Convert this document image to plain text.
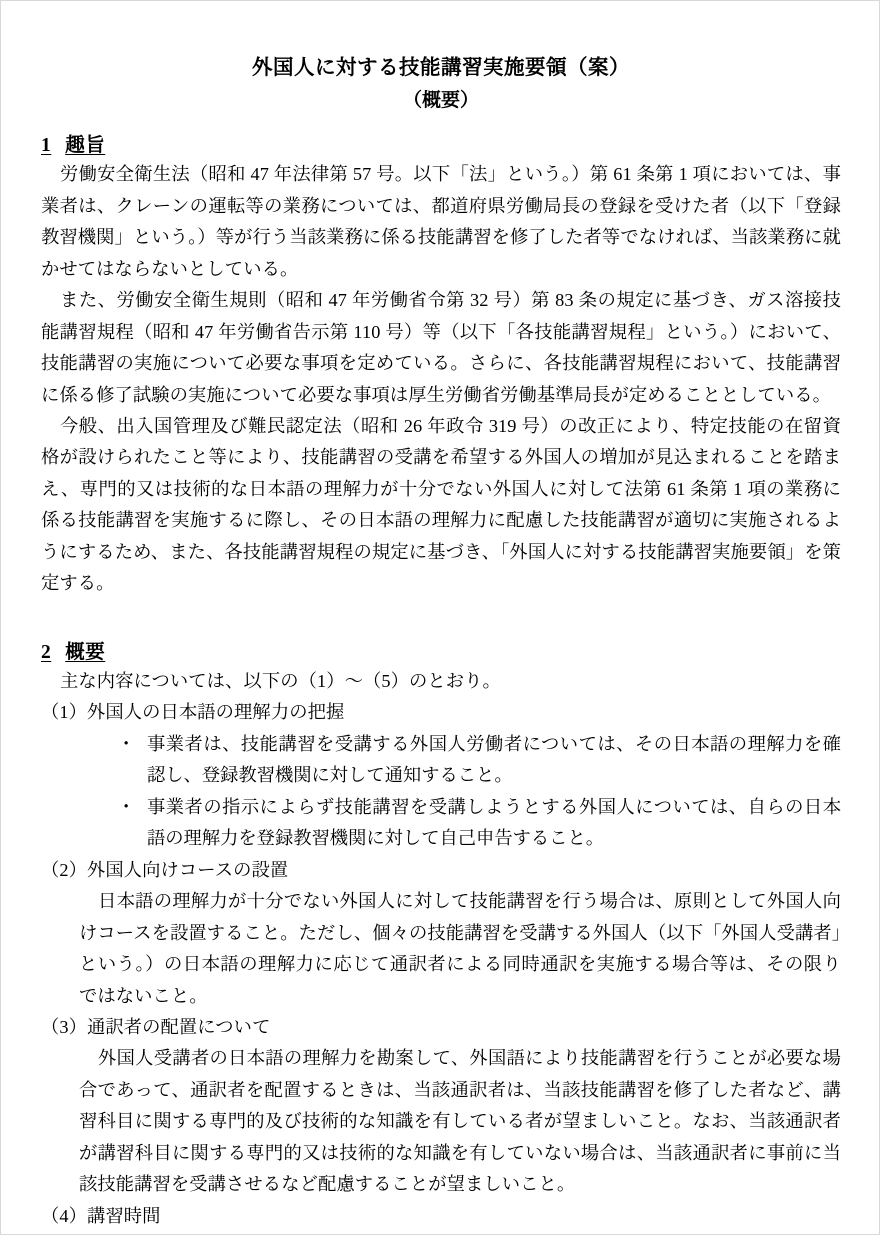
外国人に対する技能講習実施要領（案）
（概要）
1 趣旨

労働安全衛生法（昭和 47 年法律第 57 号。以下「法」という。）第 61 条第 1 項においては、事業者は、クレーンの運転等の業務については、都道府県労働局長の登録を受けた者（以下「登録教習機関」という。）等が行う当該業務に係る技能講習を修了した者等でなければ、当該業務に就かせてはならないとしている。

また、労働安全衛生規則（昭和 47 年労働省令第 32 号）第 83 条の規定に基づき、ガス溶接技能講習規程（昭和 47 年労働省告示第 110 号）等（以下「各技能講習規程」という。）において、技能講習の実施について必要な事項を定めている。さらに、各技能講習規程において、技能講習に係る修了試験の実施について必要な事項は厚生労働省労働基準局長が定めることとしている。

今般、出入国管理及び難民認定法（昭和 26 年政令 319 号）の改正により、特定技能の在留資格が設けられたこと等により、技能講習の受講を希望する外国人の増加が見込まれることを踏まえ、専門的又は技術的な日本語の理解力が十分でない外国人に対して法第 61 条第 1 項の業務に係る技能講習を実施するに際し、その日本語の理解力に配慮した技能講習が適切に実施されるようにするため、また、各技能講習規程の規定に基づき、「外国人に対する技能講習実施要領」を策定する。

2 概要

主な内容については、以下の（1）～（5）のとおり。

（1）外国人の日本語の理解力の把握

・ 事業者は、技能講習を受講する外国人労働者については、その日本語の理解力を確認し、登録教習機関に対して通知すること。
・ 事業者の指示によらず技能講習を受講しようとする外国人については、自らの日本語の理解力を登録教習機関に対して自己申告すること。

（2）外国人向けコースの設置

日本語の理解力が十分でない外国人に対して技能講習を行う場合は、原則として外国人向けコースを設置すること。ただし、個々の技能講習を受講する外国人（以下「外国人受講者」という。）の日本語の理解力に応じて通訳者による同時通訳を実施する場合等は、その限りではないこと。

（3）通訳者の配置について

外国人受講者の日本語の理解力を勘案して、外国語により技能講習を行うことが必要な場合であって、通訳者を配置するときは、当該通訳者は、当該技能講習を修了した者など、講習科目に関する専門的及び技術的な知識を有している者が望ましいこと。なお、当該通訳者が講習科目に関する専門的又は技術的な知識を有していない場合は、当該通訳者に事前に当該技能講習を受講させるなど配慮することが望ましいこと。

（4）講習時間
